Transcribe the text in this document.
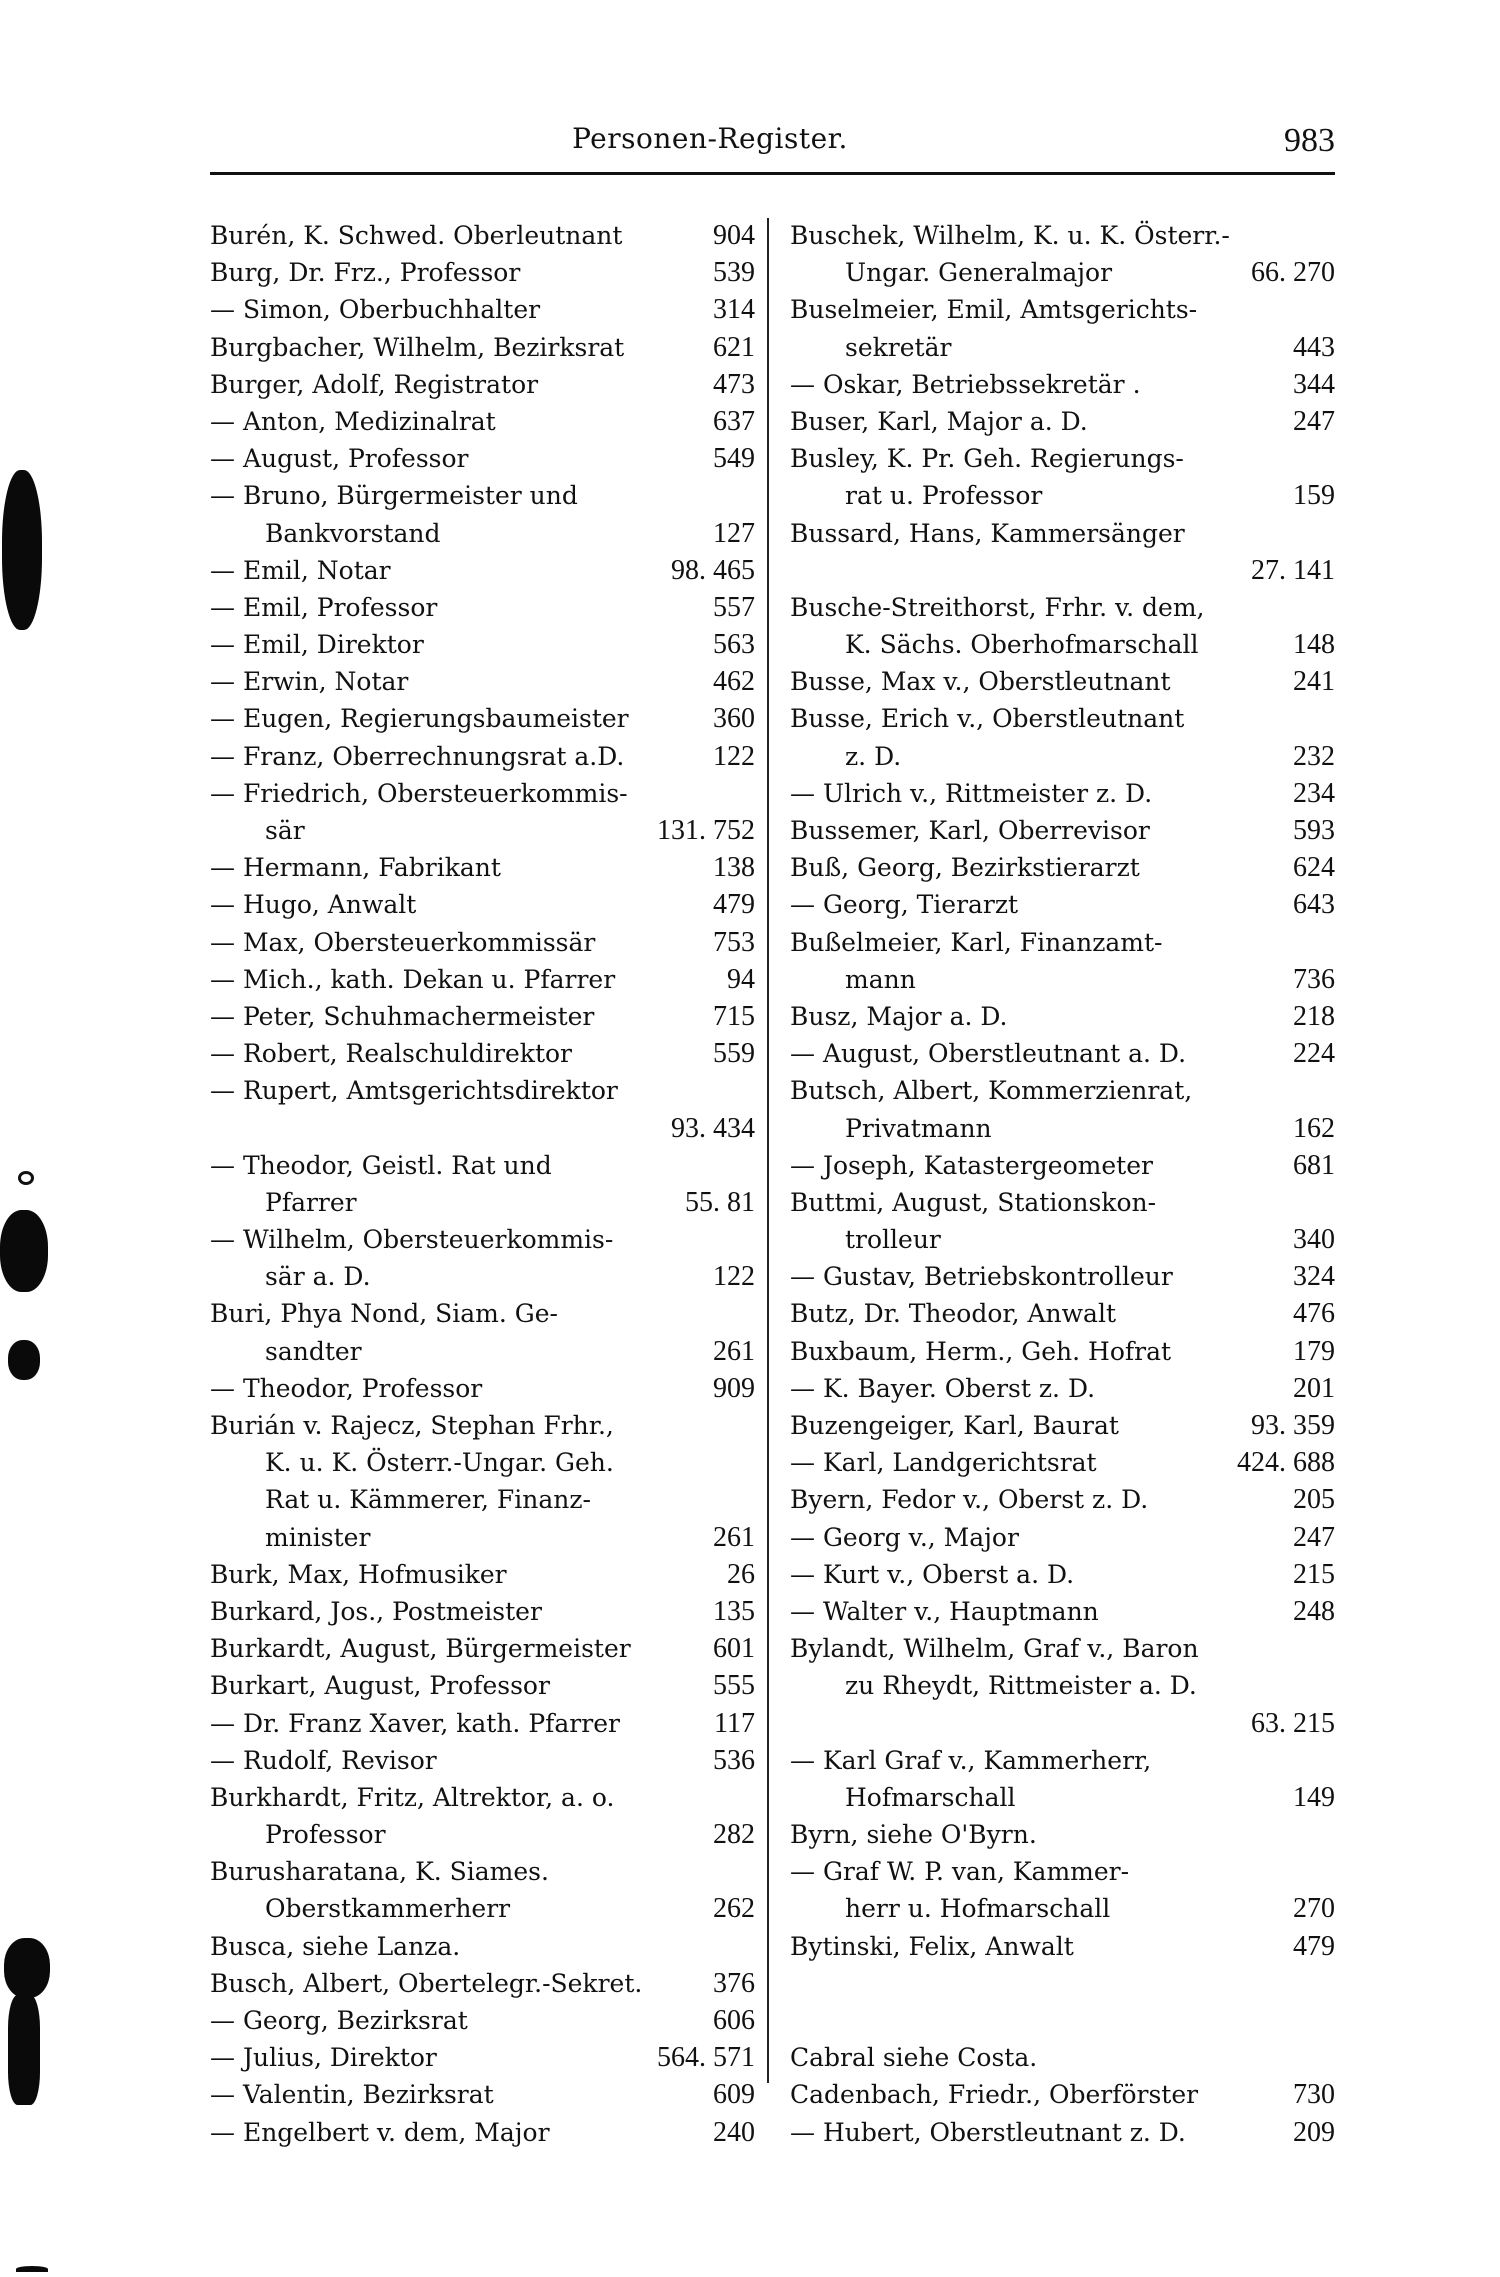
Personen-Register.	983
Burén, K. Schwed. Oberleutnant	904
Burg, Dr. Frz., Professor	539
— Simon, Oberbuchhalter	314
Burgbacher, Wilhelm, Bezirksrat	621
Burger, Adolf, Registrator	473
— Anton, Medizinalrat	637
— August, Professor	549
— Bruno, Bürgermeister und
Bankvorstand	127
— Emil, Notar	98. 465
— Emil, Professor	557
— Emil, Direktor	563
— Erwin, Notar	462
— Eugen, Regierungsbaumeister	360
— Franz, Oberrechnungsrat a.D.	122
— Friedrich, Obersteuerkommis-
sär	131. 752
— Hermann, Fabrikant	138
— Hugo, Anwalt	479
— Max, Obersteuerkommissär	753
— Mich., kath. Dekan u. Pfarrer	94
— Peter, Schuhmachermeister	715
— Robert, Realschuldirektor	559
— Rupert, Amtsgerichtsdirektor
93. 434
— Theodor, Geistl. Rat und
Pfarrer	55. 81
— Wilhelm, Obersteuerkommis-
sär a. D.	122
Buri, Phya Nond, Siam. Ge-
sandter	261
— Theodor, Professor	909
Burián v. Rajecz, Stephan Frhr.,
K. u. K. Österr.-Ungar. Geh.
Rat u. Kämmerer, Finanz-
minister	261
Burk, Max, Hofmusiker	26
Burkard, Jos., Postmeister	135
Burkardt, August, Bürgermeister	601
Burkart, August, Professor	555
— Dr. Franz Xaver, kath. Pfarrer	117
— Rudolf, Revisor	536
Burkhardt, Fritz, Altrektor, a. o.
Professor	282
Burusharatana, K. Siames.
Oberstkammerherr	262
Busca, siehe Lanza.
Busch, Albert, Obertelegr.-Sekret.	376
— Georg, Bezirksrat	606
— Julius, Direktor	564. 571
— Valentin, Bezirksrat	609
— Engelbert v. dem, Major	240
Buschek, Wilhelm, K. u. K. Österr.-
Ungar. Generalmajor	66. 270
Buselmeier, Emil, Amtsgerichts-
sekretär	443
— Oskar, Betriebssekretär .	344
Buser, Karl, Major a. D.	247
Busley, K. Pr. Geh. Regierungs-
rat u. Professor	159
Bussard, Hans, Kammersänger
27. 141
Busche-Streithorst, Frhr. v. dem,
K. Sächs. Oberhofmarschall	148
Busse, Max v., Oberstleutnant	241
Busse, Erich v., Oberstleutnant
z. D.	232
— Ulrich v., Rittmeister z. D.	234
Bussemer, Karl, Oberrevisor	593
Buß, Georg, Bezirkstierarzt	624
— Georg, Tierarzt	643
Bußelmeier, Karl, Finanzamt-
mann	736
Busz, Major a. D.	218
— August, Oberstleutnant a. D.	224
Butsch, Albert, Kommerzienrat,
Privatmann	162
— Joseph, Katastergeometer	681
Buttmi, August, Stationskon-
trolleur	340
— Gustav, Betriebskontrolleur	324
Butz, Dr. Theodor, Anwalt	476
Buxbaum, Herm., Geh. Hofrat	179
— K. Bayer. Oberst z. D.	201
Buzengeiger, Karl, Baurat	93. 359
— Karl, Landgerichtsrat	424. 688
Byern, Fedor v., Oberst z. D.	205
— Georg v., Major	247
— Kurt v., Oberst a. D.	215
— Walter v., Hauptmann	248
Bylandt, Wilhelm, Graf v., Baron
zu Rheydt, Rittmeister a. D.
63. 215
— Karl Graf v., Kammerherr,
Hofmarschall	149
Byrn, siehe O'Byrn.
— Graf W. P. van, Kammer-
herr u. Hofmarschall	270
Bytinski, Felix, Anwalt	479
Cabral siehe Costa.
Cadenbach, Friedr., Oberförster	730
— Hubert, Oberstleutnant z. D.	209
